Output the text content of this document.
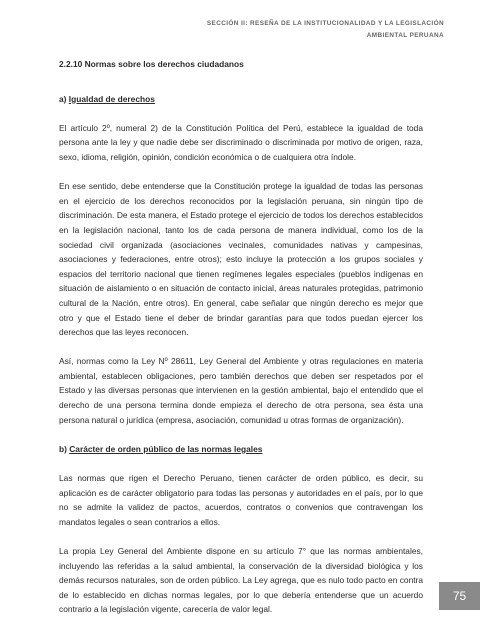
SECCIÓN II: RESEÑA DE LA INSTITUCIONALIDAD Y LA LEGISLACIÓN
AMBIENTAL PERUANA

2.2.10 Normas sobre los derechos ciudadanos

a) Igualdad de derechos

El artículo 2º, numeral 2) de la Constitución Política del Perú, establece la igualdad de toda persona ante la ley y que nadie debe ser discriminado o discriminada por motivo de origen, raza, sexo, idioma, religión, opinión, condición económica o de cualquiera otra índole.

En ese sentido, debe entenderse que la Constitución protege la igualdad de todas las personas en el ejercicio de los derechos reconocidos por la legislación peruana, sin ningún tipo de discriminación. De esta manera, el Estado protege el ejercicio de todos los derechos establecidos en la legislación nacional, tanto los de cada persona de manera individual, como los de la sociedad civil organizada (asociaciones vecinales, comunidades nativas y campesinas, asociaciones y federaciones, entre otros); esto incluye la protección a los grupos sociales y espacios del territorio nacional que tienen regímenes legales especiales (pueblos indígenas en situación de aislamiento o en situación de contacto inicial, áreas naturales protegidas, patrimonio cultural de la Nación, entre otros). En general, cabe señalar que ningún derecho es mejor que otro y que el Estado tiene el deber de brindar garantías para que todos puedan ejercer los derechos que las leyes reconocen.

Así, normas como la Ley Nº 28611, Ley General del Ambiente y otras regulaciones en materia ambiental, establecen obligaciones, pero también derechos que deben ser respetados por el Estado y las diversas personas que intervienen en la gestión ambiental, bajo el entendido que el derecho de una persona termina donde empieza el derecho de otra persona, sea ésta una persona natural o jurídica (empresa, asociación, comunidad u otras formas de organización).

b) Carácter de orden público de las normas legales

Las normas que rigen el Derecho Peruano, tienen carácter de orden público, es decir, su aplicación es de carácter obligatorio para todas las personas y autoridades en el país, por lo que no se admite la validez de pactos, acuerdos, contratos o convenios que contravengan los mandatos legales o sean contrarios a ellos.

La propia Ley General del Ambiente dispone en su artículo 7° que las normas ambientales, incluyendo las referidas a la salud ambiental, la conservación de la diversidad biológica y los demás recursos naturales, son de orden público. La Ley agrega, que es nulo todo pacto en contra de lo establecido en dichas normas legales, por lo que debería entenderse que un acuerdo contrario a la legislación vigente, carecería de valor legal.

75
